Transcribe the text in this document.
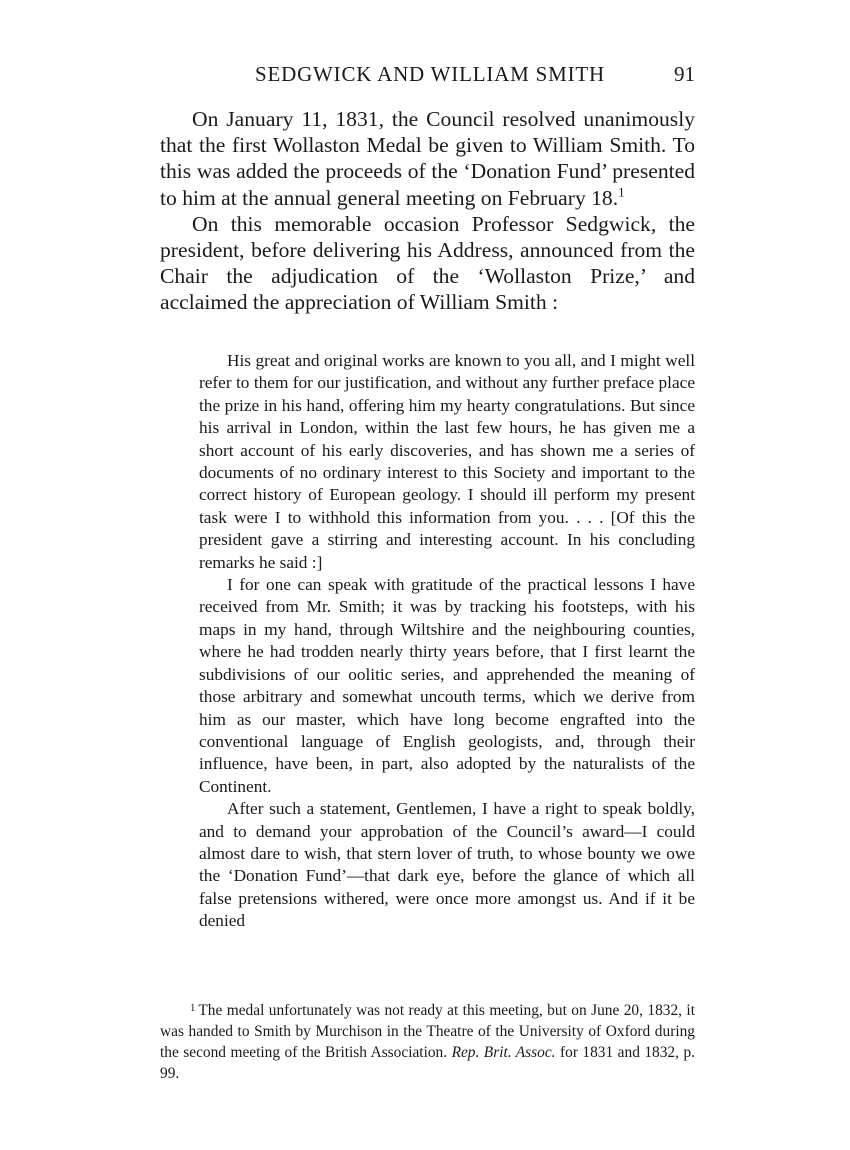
SEDGWICK AND WILLIAM SMITH	91

On January 11, 1831, the Council resolved unanimously that the first Wollaston Medal be given to William Smith. To this was added the proceeds of the ‘Donation Fund’ presented to him at the annual general meeting on February 18.$^1$

On this memorable occasion Professor Sedgwick, the president, before delivering his Address, announced from the Chair the adjudication of the ‘Wollaston Prize,’ and acclaimed the appreciation of William Smith :

His great and original works are known to you all, and I might well refer to them for our justification, and without any further preface place the prize in his hand, offering him my hearty congratulations. But since his arrival in London, within the last few hours, he has given me a short account of his early discoveries, and has shown me a series of documents of no ordinary interest to this Society and important to the correct history of European geology. I should ill perform my present task were I to withhold this information from you. . . . [Of this the president gave a stirring and interesting account. In his concluding remarks he said :]

I for one can speak with gratitude of the practical lessons I have received from Mr. Smith; it was by tracking his footsteps, with his maps in my hand, through Wiltshire and the neighbouring counties, where he had trodden nearly thirty years before, that I first learnt the subdivisions of our oolitic series, and apprehended the meaning of those arbitrary and somewhat uncouth terms, which we derive from him as our master, which have long become engrafted into the conventional language of English geologists, and, through their influence, have been, in part, also adopted by the naturalists of the Continent.

After such a statement, Gentlemen, I have a right to speak boldly, and to demand your approbation of the Council’s award—I could almost dare to wish, that stern lover of truth, to whose bounty we owe the ‘Donation Fund’—that dark eye, before the glance of which all false pretensions withered, were once more amongst us. And if it be denied

$^1$ The medal unfortunately was not ready at this meeting, but on June 20, 1832, it was handed to Smith by Murchison in the Theatre of the University of Oxford during the second meeting of the British Association. Rep. Brit. Assoc. for 1831 and 1832, p. 99.
